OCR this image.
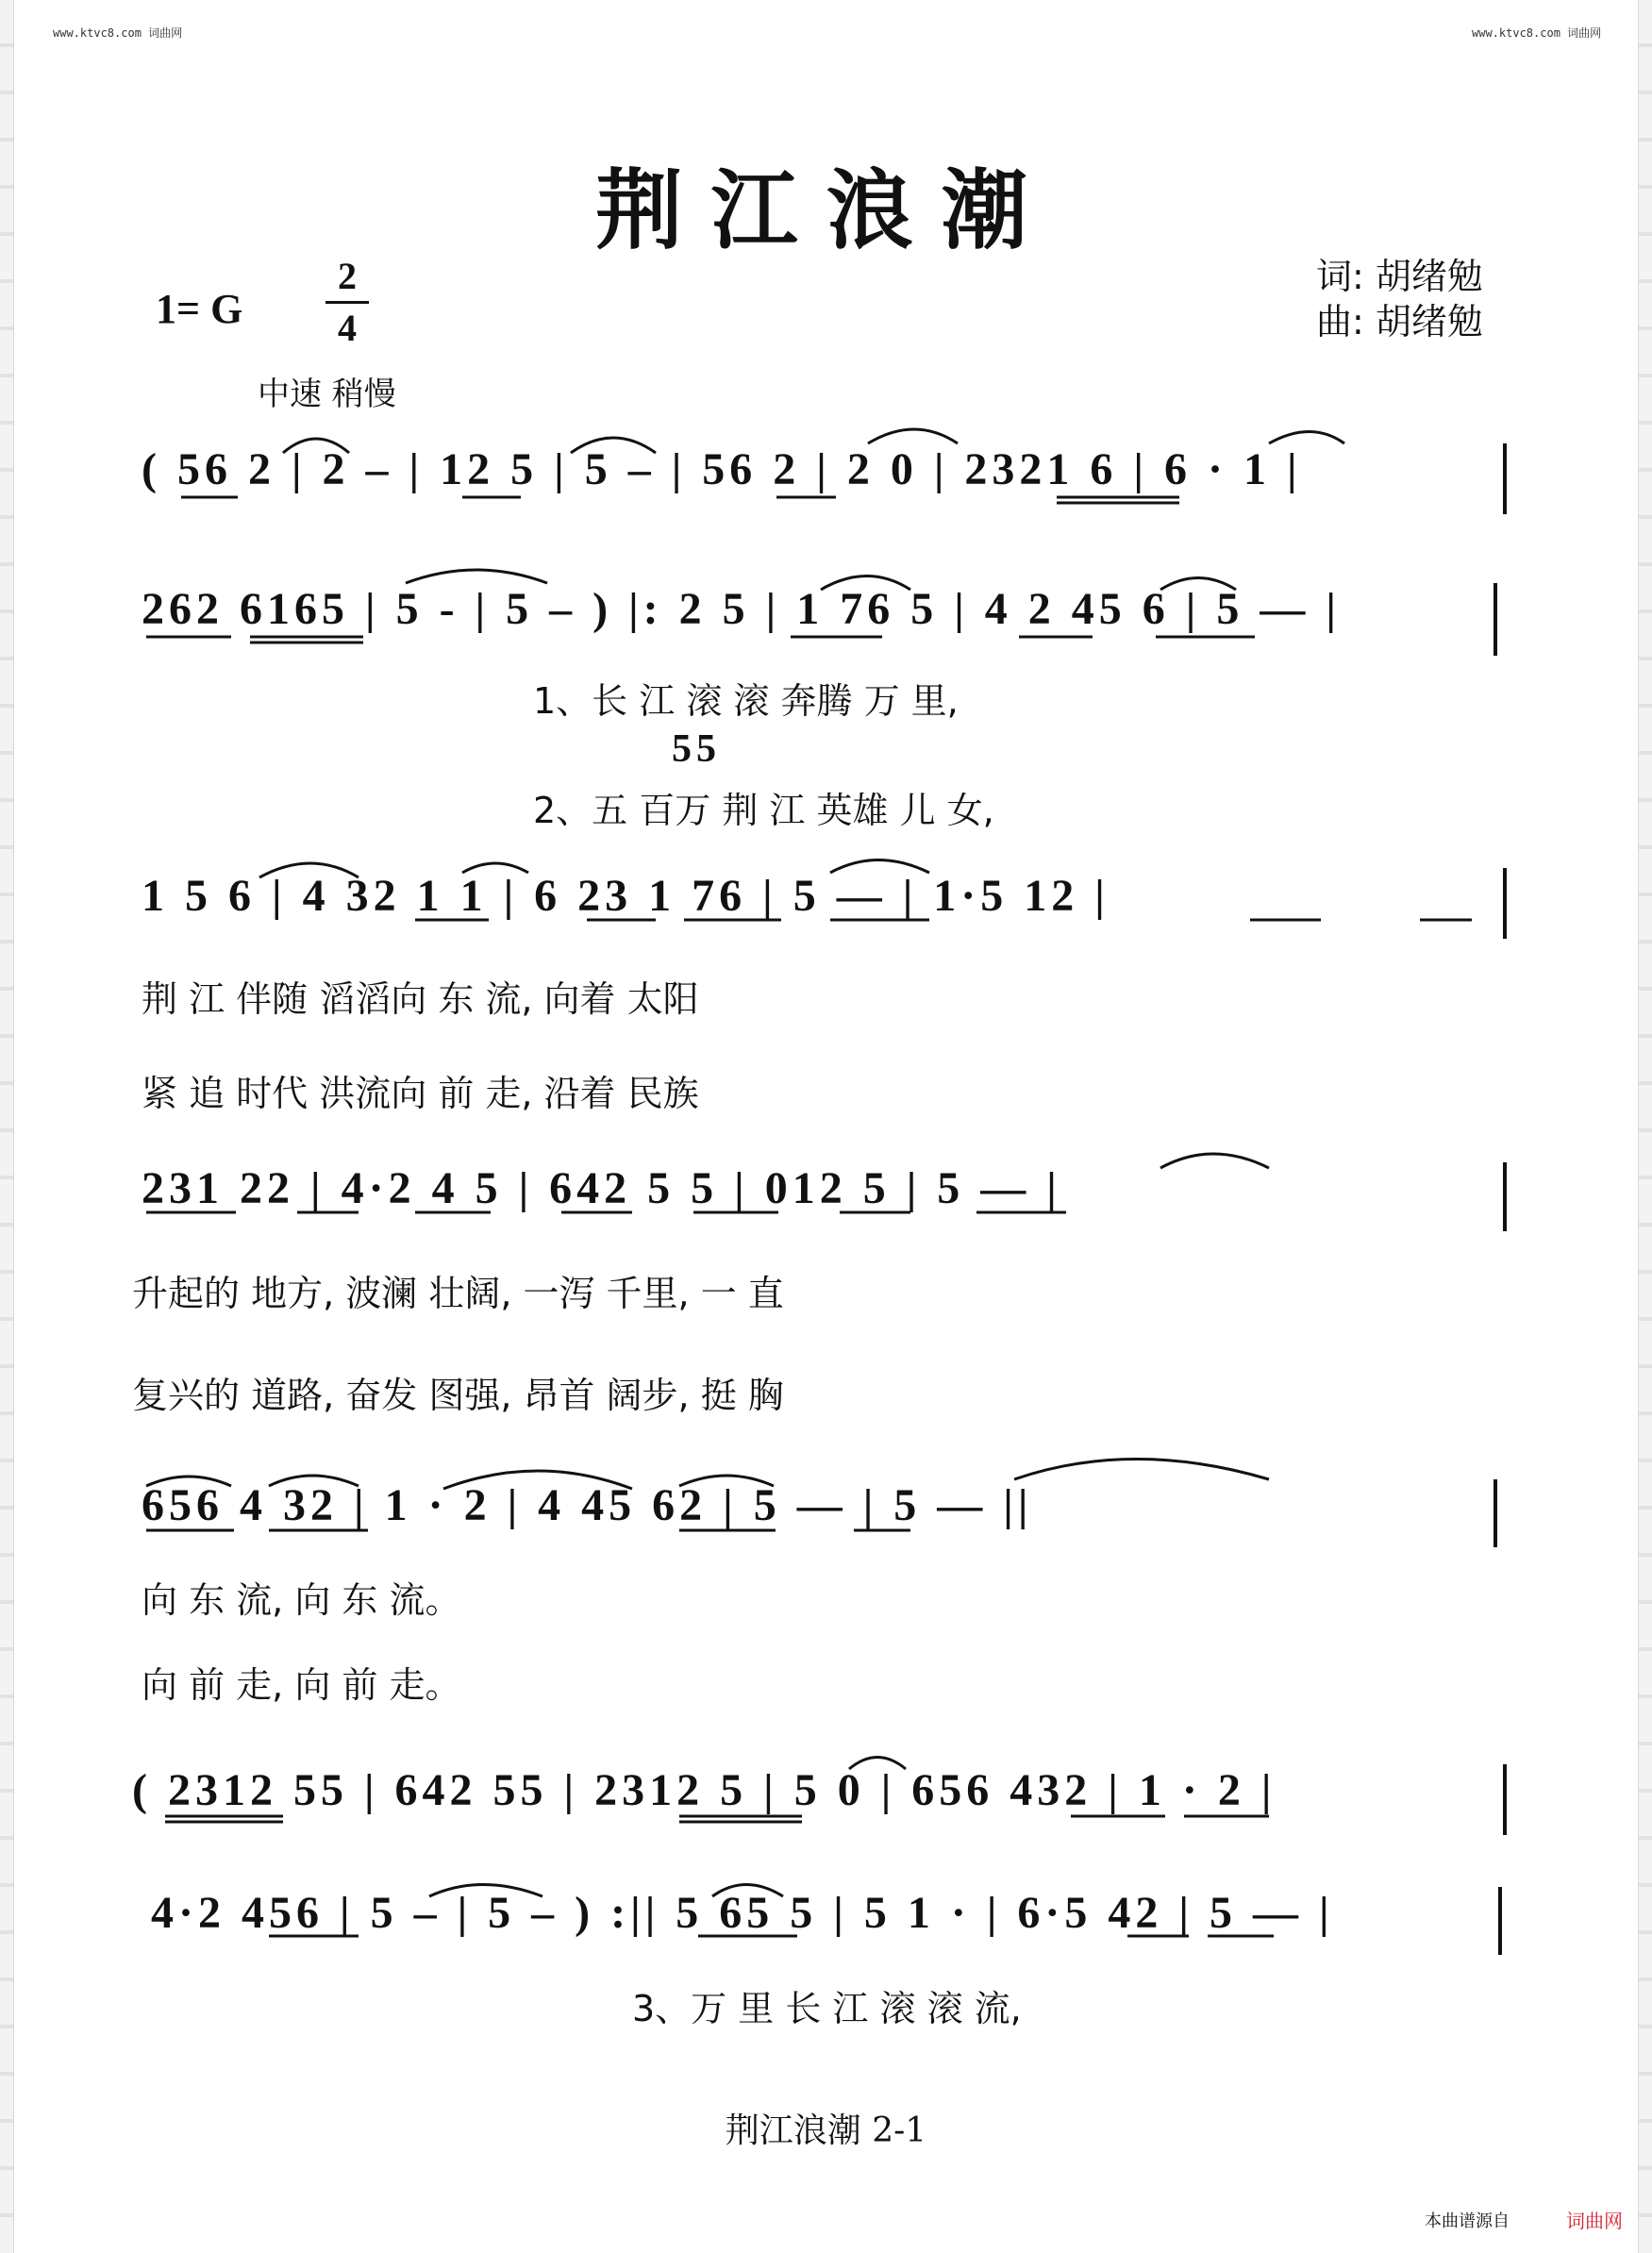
www.ktvc8.com 词曲网	www.ktvc8.com 词曲网
荆江浪潮
1= G
2
4
词: 胡绪勉
曲: 胡绪勉
中速 稍慢
( 56 2 | 2 – | 12 5 | 5 – | 56 2 | 2 0 | 2321 6 | 6 · 1 |
262 6165 | 5 - | 5 – ) |: 2 5 | 1 76 5 | 4 2 45 6 | 5 — |
1、长 江 滚 滚 奔腾 万 里,
55
2、五 百万 荆 江 英雄 儿 女,
1 5 6 | 4 32 1 1 | 6 23 1 76 | 5 — | 1·5 12 |
荆 江 伴随 滔滔向 东 流, 向着 太阳
紧 追 时代 洪流向 前 走, 沿着 民族
231 22 | 4·2 4 5 | 642 5 5 | 012 5 | 5 — |
升起的 地方, 波澜 壮阔, 一泻 千里, 一 直
复兴的 道路, 奋发 图强, 昂首 阔步, 挺 胸
656 4 32 | 1 · 2 | 4 45 62 | 5 — | 5 — ||
向 东 流, 向 东 流。
向 前 走, 向 前 走。
( 2312 55 | 642 55 | 2312 5 | 5 0 | 656 432 | 1 · 2 |
4·2 456 | 5 – | 5 – ) :|| 5 65 5 | 5 1 · | 6·5 42 | 5 — |
3、万 里 长 江 滚 滚 流,
荆江浪潮 2-1
本曲谱源自	词曲网
